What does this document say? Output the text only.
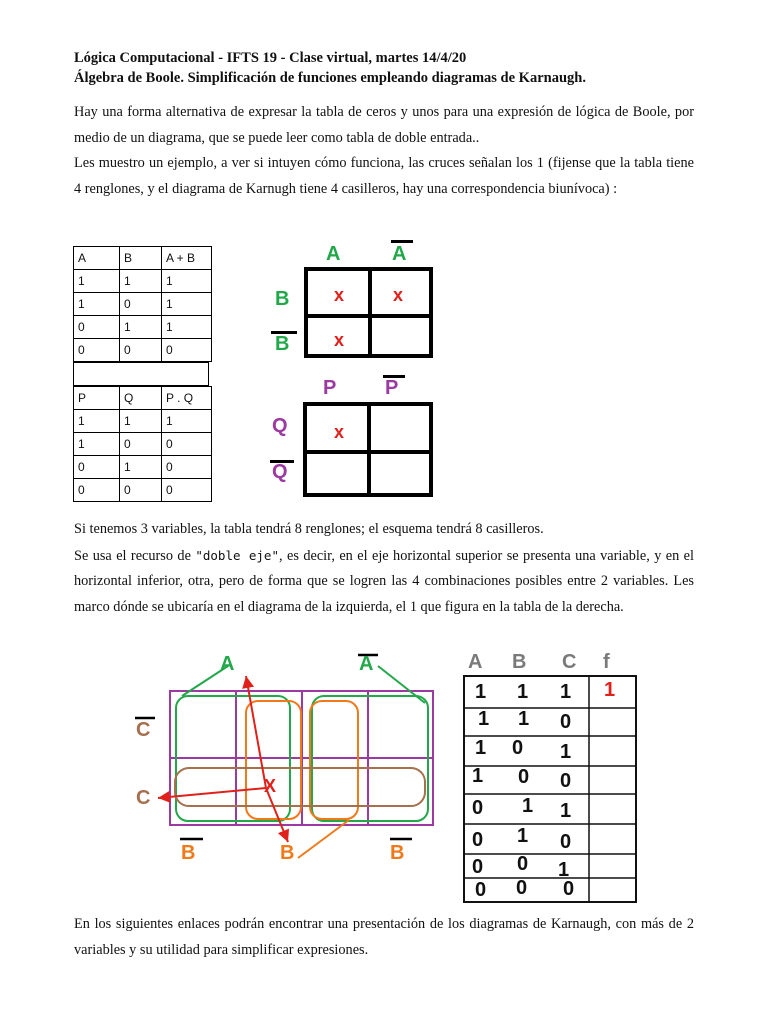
Lógica Computacional - IFTS 19 - Clase virtual, martes 14/4/20

Álgebra de Boole. Simplificación de funciones empleando diagramas de Karnaugh.

Hay una forma alternativa de expresar la tabla de ceros y unos para una expresión de lógica de Boole, por medio de un diagrama, que se puede leer como tabla de doble entrada..

Les muestro un ejemplo, a ver si intuyen cómo funciona, las cruces señalan los 1 (fijense que la tabla tiene 4 renglones, y el diagrama de Karnugh tiene 4 casilleros, hay una correspondencia biunívoca) :

A	B	A + B
1	1	1
1	0	1
0	1	1
0	0	0
P	Q	P . Q
1	1	1
1	0	0
0	1	0
0	0	0
A	A
B
B
x	x
x
P P
Q
Q
x

Si tenemos 3 variables, la tabla tendrá 8 renglones; el esquema tendrá 8 casilleros.

Se usa el recurso de "doble eje", es decir, en el eje horizontal superior se presenta una variable, y en el horizontal inferior, otra, pero de forma que se logren las 4 combinaciones posibles entre 2 variables. Les marco dónde se ubicaría en el diagrama de la izquierda, el 1 que figura en la tabla de la derecha.

A	A
C
C
B	B	B
X
A B C f
1 1 1 1
1 1 0
1 0 1
1 0 0
0 1 1
0 1 0
0 0 1
0 0 0

En los siguientes enlaces podrán encontrar una presentación de los diagramas de Karnaugh, con más de 2 variables y su utilidad para simplificar expresiones.
